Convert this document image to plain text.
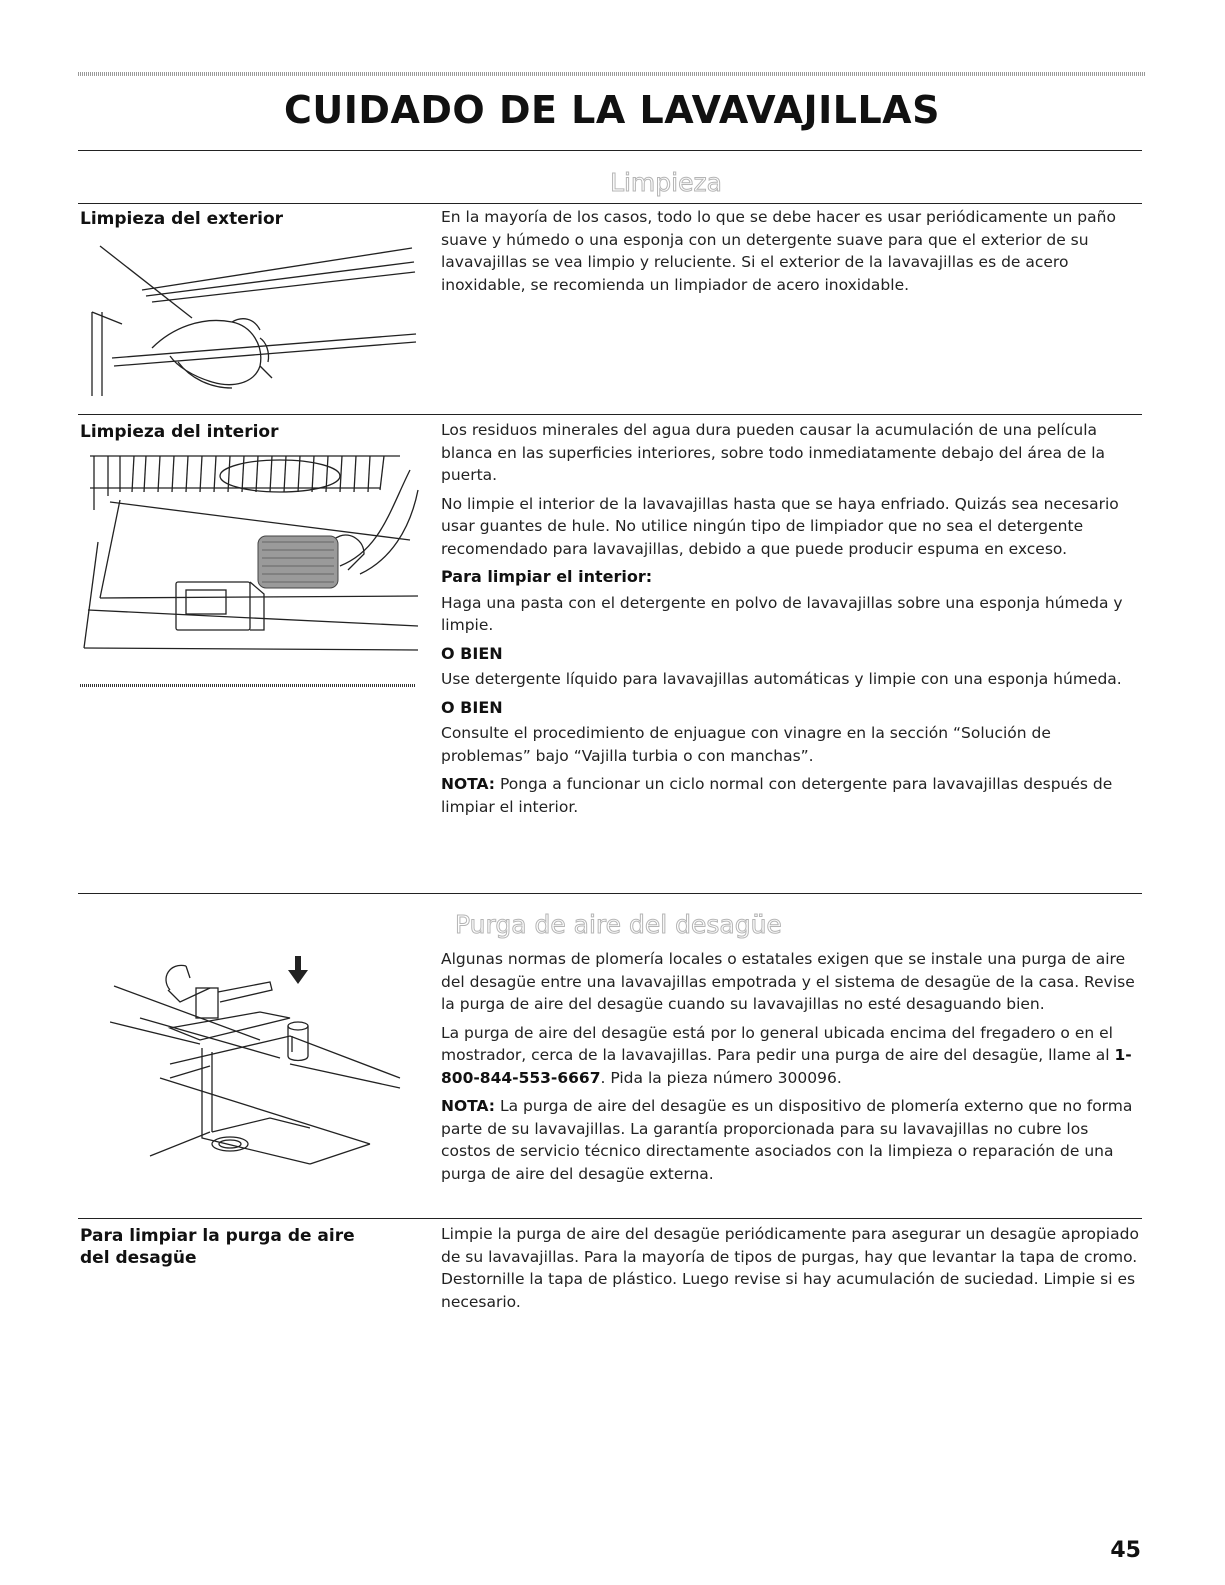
CUIDADO DE LA LAVAVAJILLAS
Limpieza
Limpieza del exterior	En la mayoría de los casos, todo lo que se debe hacer es usar periódicamente un paño suave y húmedo o una esponja con un detergente suave para que el exterior de su lavavajillas se vea limpio y reluciente. Si el exterior de la lavavajillas es de acero inoxidable, se recomienda un limpiador de acero inoxidable.

Limpieza del interior	Los residuos minerales del agua dura pueden causar la acumulación de una película blanca en las superficies interiores, sobre todo inmediatamente debajo del área de la puerta.

No limpie el interior de la lavavajillas hasta que se haya enfriado. Quizás sea necesario usar guantes de hule. No utilice ningún tipo de limpiador que no sea el detergente recomendado para lavavajillas, debido a que puede producir espuma en exceso.

Para limpiar el interior:

Haga una pasta con el detergente en polvo de lavavajillas sobre una esponja húmeda y limpie.

O BIEN

Use detergente líquido para lavavajillas automáticas y limpie con una esponja húmeda.

O BIEN

Consulte el procedimiento de enjuague con vinagre en la sección “Solución de problemas” bajo “Vajilla turbia o con manchas”.

NOTA: Ponga a funcionar un ciclo normal con detergente para lavavajillas después de limpiar el interior.

Purga de aire del desagüe

Algunas normas de plomería locales o estatales exigen que se instale una purga de aire del desagüe entre una lavavajillas empotrada y el sistema de desagüe de la casa. Revise la purga de aire del desagüe cuando su lavavajillas no esté desaguando bien.

La purga de aire del desagüe está por lo general ubicada encima del fregadero o en el mostrador, cerca de la lavavajillas. Para pedir una purga de aire del desagüe, llame al 1-800-844-553-6667. Pida la pieza número 300096.

NOTA: La purga de aire del desagüe es un dispositivo de plomería externo que no forma parte de su lavavajillas. La garantía proporcionada para su lavavajillas no cubre los costos de servicio técnico directamente asociados con la limpieza o reparación de una purga de aire del desagüe externa.

Para limpiar la purga de aire del desagüe

Limpie la purga de aire del desagüe periódicamente para asegurar un desagüe apropiado de su lavavajillas. Para la mayoría de tipos de purgas, hay que levantar la tapa de cromo. Destornille la tapa de plástico. Luego revise si hay acumulación de suciedad. Limpie si es necesario.

45
